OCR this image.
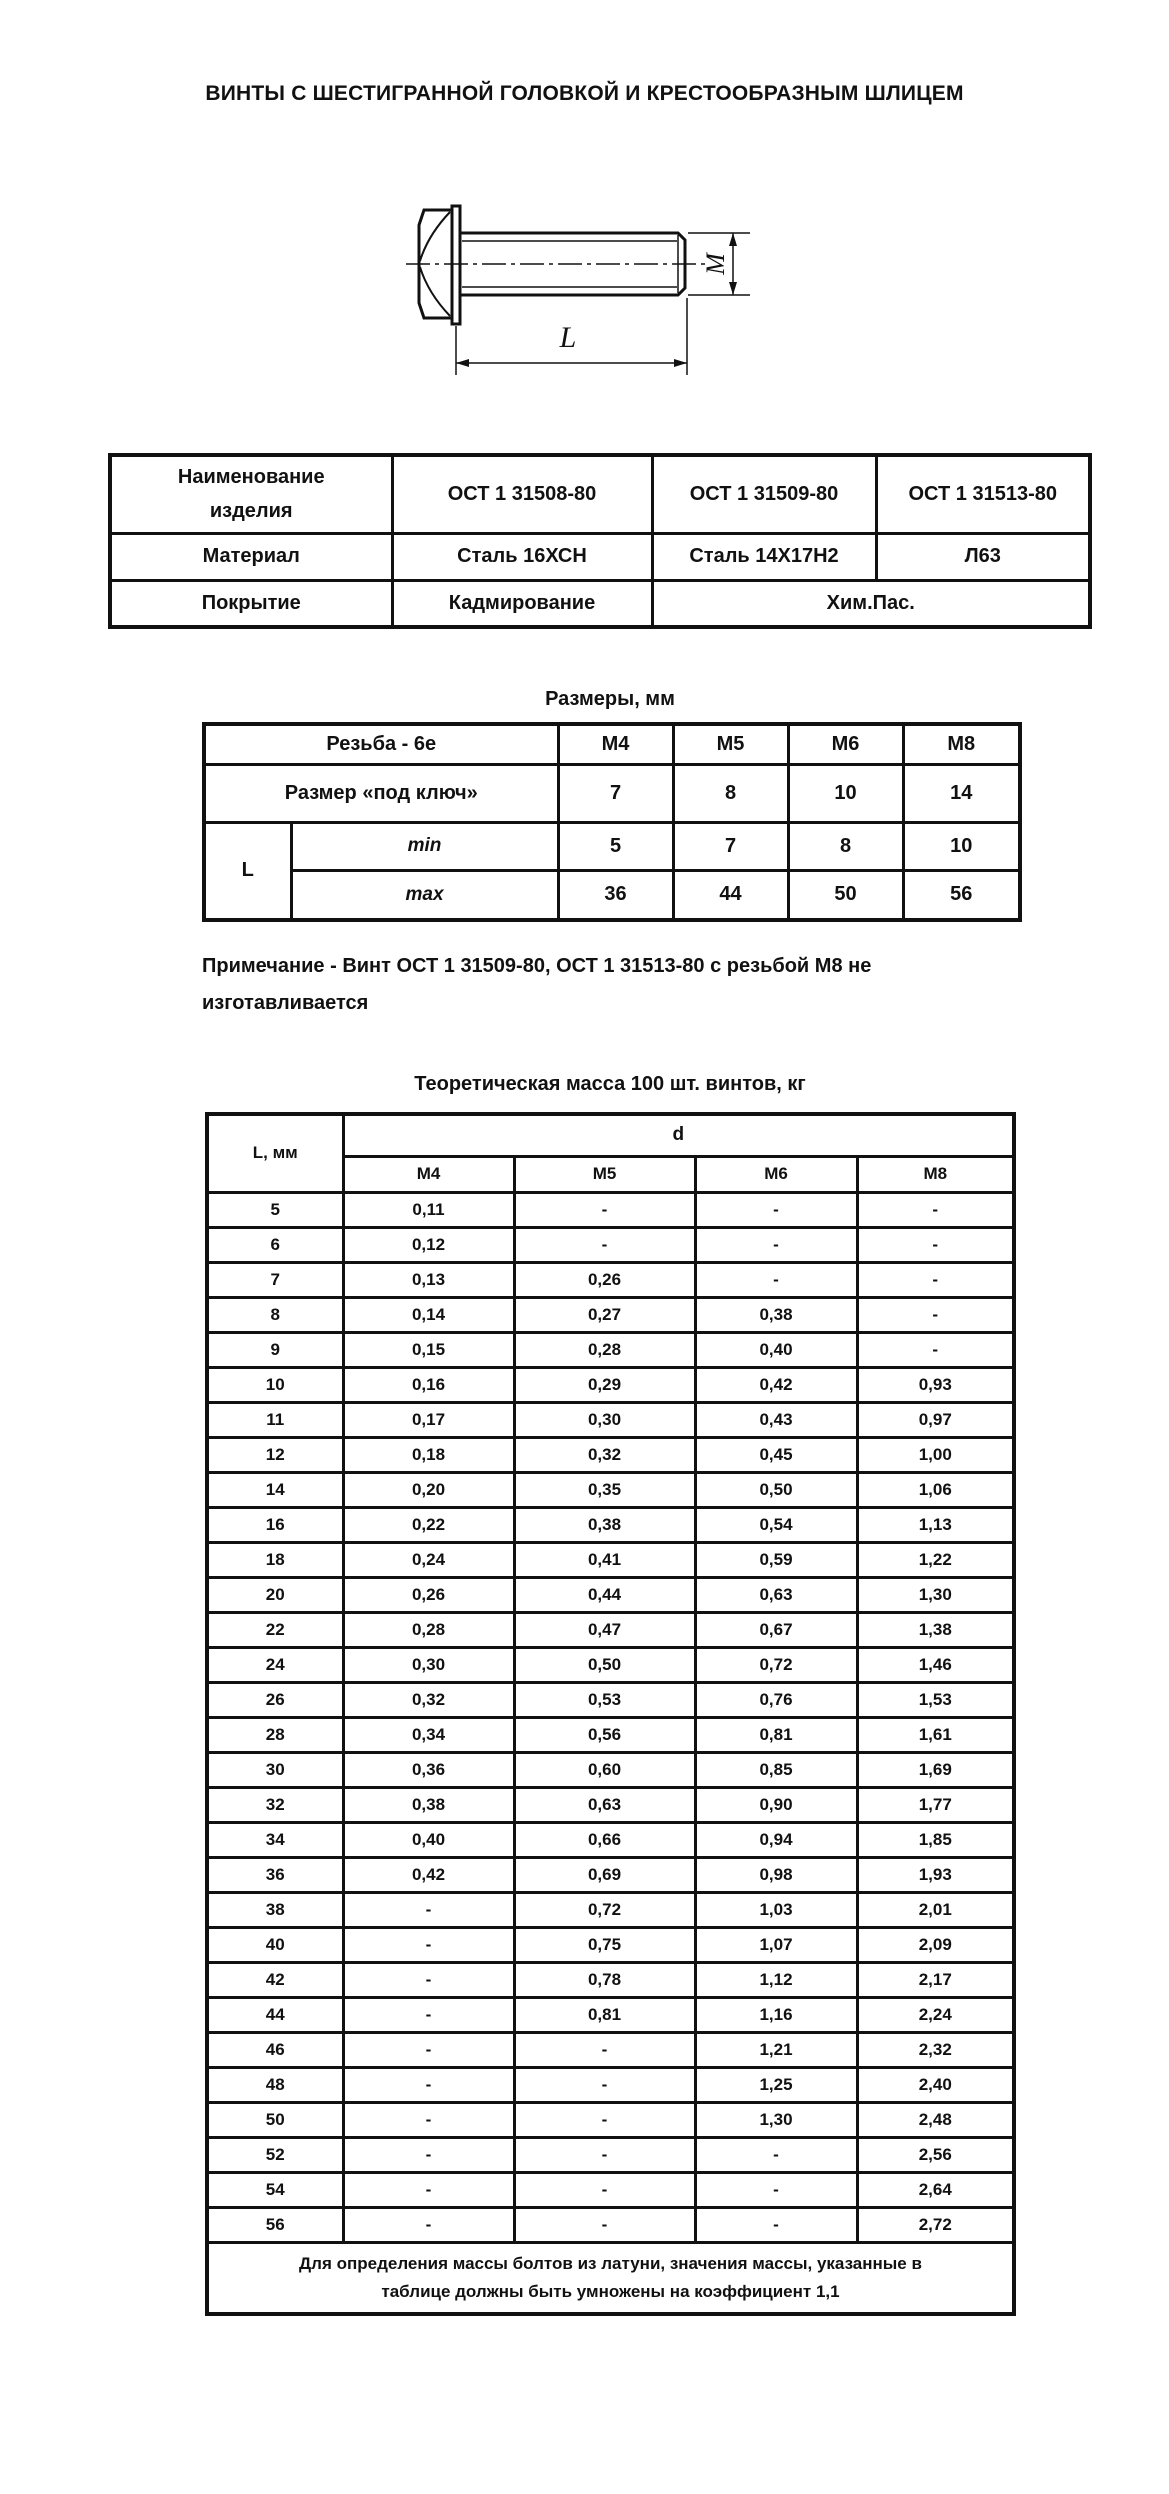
ВИНТЫ С ШЕСТИГРАННОЙ ГОЛОВКОЙ И КРЕСТООБРАЗНЫМ ШЛИЦЕМ
M
L
Наименование
изделия	ОСТ 1 31508-80	ОСТ 1 31509-80	ОСТ 1 31513-80
Материал	Сталь 16ХСН	Сталь 14Х17Н2	Л63
Покрытие	Кадмирование	Хим.Пас.	
Размеры, мм
Резьба - 6е		М4	М5	М6	М8
Размер «под ключ»		7	8	10	14
L	min	5	7	8	10
	max	36	44	50	56
Примечание - Винт ОСТ 1 31509-80, ОСТ 1 31513-80 с резьбой М8 не
изготавливается
Теоретическая масса 100 шт. винтов, кг
L, мм	d			
	М4	М5	М6	М8
5	0,11	-	-	-
6	0,12	-	-	-
7	0,13	0,26	-	-
8	0,14	0,27	0,38	-
9	0,15	0,28	0,40	-
10	0,16	0,29	0,42	0,93
11	0,17	0,30	0,43	0,97
12	0,18	0,32	0,45	1,00
14	0,20	0,35	0,50	1,06
16	0,22	0,38	0,54	1,13
18	0,24	0,41	0,59	1,22
20	0,26	0,44	0,63	1,30
22	0,28	0,47	0,67	1,38
24	0,30	0,50	0,72	1,46
26	0,32	0,53	0,76	1,53
28	0,34	0,56	0,81	1,61
30	0,36	0,60	0,85	1,69
32	0,38	0,63	0,90	1,77
34	0,40	0,66	0,94	1,85
36	0,42	0,69	0,98	1,93
38	-	0,72	1,03	2,01
40	-	0,75	1,07	2,09
42	-	0,78	1,12	2,17
44	-	0,81	1,16	2,24
46	-	-	1,21	2,32
48	-	-	1,25	2,40
50	-	-	1,30	2,48
52	-	-	-	2,56
54	-	-	-	2,64
56	-	-	-	2,72

Для определения массы болтов из латуни, значения массы, указанные в
таблице должны быть умножены на коэффициент 1,1				
